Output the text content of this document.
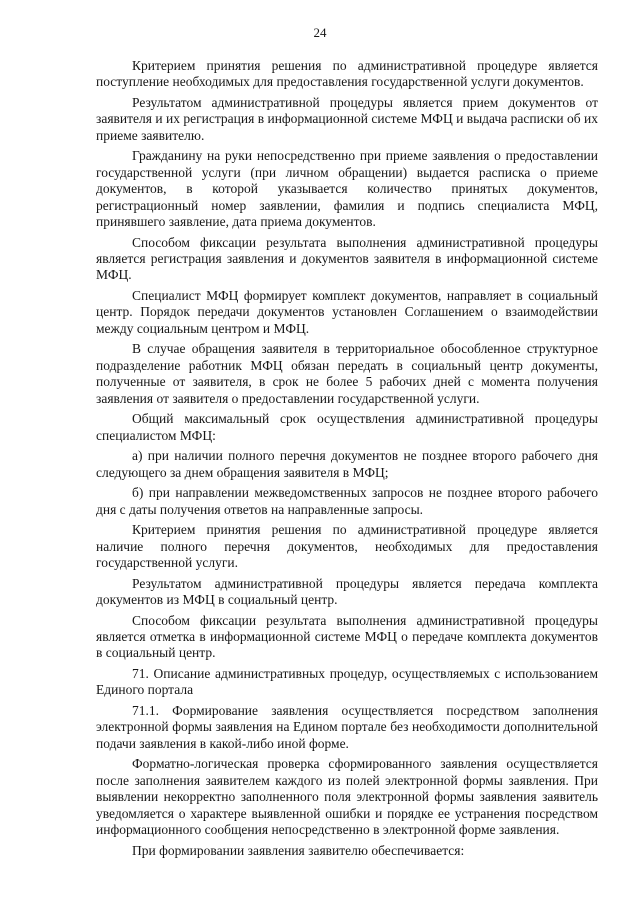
24

Критерием принятия решения по административной процедуре является поступление необходимых для предоставления государственной услуги документов.

Результатом административной процедуры является прием документов от заявителя и их регистрация в информационной системе МФЦ и выдача расписки об их приеме заявителю.

Гражданину на руки непосредственно при приеме заявления о предоставлении государственной услуги (при личном обращении) выдается расписка о приеме документов, в которой указывается количество принятых документов, регистрационный номер заявлении, фамилия и подпись специалиста МФЦ, принявшего заявление, дата приема документов.

Способом фиксации результата выполнения административной процедуры является регистрация заявления и документов заявителя в информационной системе МФЦ.

Специалист МФЦ формирует комплект документов, направляет в социальный центр. Порядок передачи документов установлен Соглашением о взаимодействии между социальным центром и МФЦ.

В случае обращения заявителя в территориальное обособленное структурное подразделение работник МФЦ обязан передать в социальный центр документы, полученные от заявителя, в срок не более 5 рабочих дней с момента получения заявления от заявителя о предоставлении государственной услуги.

Общий максимальный срок осуществления административной процедуры специалистом МФЦ:

а) при наличии полного перечня документов не позднее второго рабочего дня следующего за днем обращения заявителя в МФЦ;

б) при направлении межведомственных запросов не позднее второго рабочего дня с даты получения ответов на направленные запросы.

Критерием принятия решения по административной процедуре является наличие полного перечня документов, необходимых для предоставления государственной услуги.

Результатом административной процедуры является передача комплекта документов из МФЦ в социальный центр.

Способом фиксации результата выполнения административной процедуры является отметка в информационной системе МФЦ о передаче комплекта документов в социальный центр.

71. Описание административных процедур, осуществляемых с использованием Единого портала

71.1. Формирование заявления осуществляется посредством заполнения электронной формы заявления на Едином портале без необходимости дополнительной подачи заявления в какой-либо иной форме.

Форматно-логическая проверка сформированного заявления осуществляется после заполнения заявителем каждого из полей электронной формы заявления. При выявлении некорректно заполненного поля электронной формы заявления заявитель уведомляется о характере выявленной ошибки и порядке ее устранения посредством информационного сообщения непосредственно в электронной форме заявления.

При формировании заявления заявителю обеспечивается:
